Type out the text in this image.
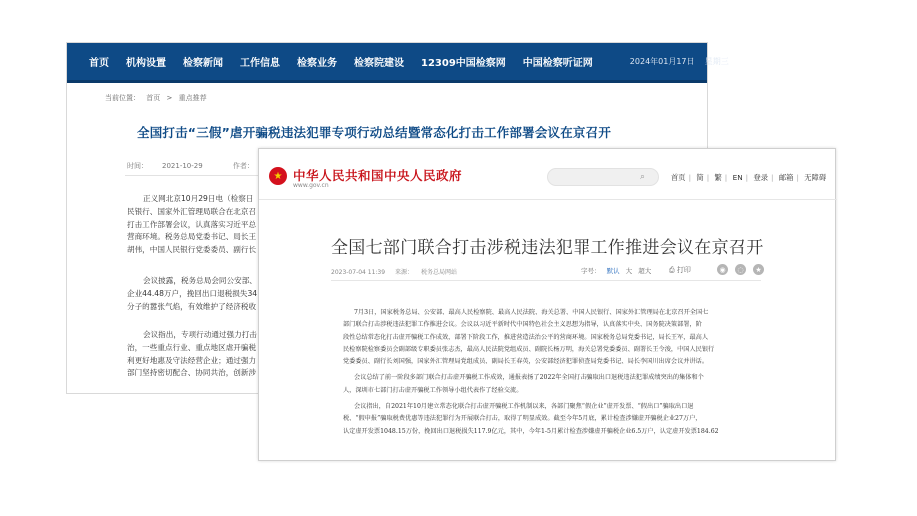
首页 机构设置 检察新闻 工作信息 检察业务 检察院建设 12309中国检察网 中国检察听证网	2024年01月17日 星期三
当前位置： 首页 > 重点推荐
全国打击“三假”虐开骗税违法犯罪专项行动总结暨常态化打击工作部署会议在京召开
时间： 2021-10-29	作者：
正义网北京10月29日电（检察日
民银行、国家外汇管理局联合在北京召
打击工作部署会议，认真落实习近平总
营商环境。税务总局党委书记、局长王
胡伟，中国人民银行党委委员、副行长
会议披露，税务总局会同公安部、
企业44.48万户，挽回出口退税损失34
分子的嚣张气焰，有效维护了经济税收
会议指出，专项行动通过强力打击
治，一些重点行业、重点地区虐开骗税
利更好地惠及守法经营企业；通过强力
部门坚持密切配合、协同共治，创新涉
★ 中华人民共和国中央人民政府
www.gov.cn
⌕	首页 | 简 | 繁 | EN | 登录 | 邮箱 | 无障碍
全国七部门联合打击涉税违法犯罪工作推进会议在京召开
2023-07-04 11:39 来源： 税务总局网站	字号： 默认 大 超大	⎙ 打印	◉	◌	★
7月3日，国家税务总局、公安部、最高人民检察院、最高人民法院、海关总署、中国人民银行、国家外汇管理局在北京召开全国七
部门联合打击涉税违法犯罪工作推进会议。会议以习近平新时代中国特色社会主义思想为指导，认真落实中央、国务院决策部署，阶
段性总结常态化打击虚开骗税工作成效，部署下阶段工作，推进营造法治公平的营商环境。国家税务总局党委书记，局长王军，最高人
民检察院检察委员会副部级专职委员张志杰，最高人民法院党组成员、副院长杨万明，海关总署党委委员、副署长王令浚，中国人民银行
党委委员、副行长刘国强，国家外汇管理局党组成员、副局长王春英，公安部经济犯罪侦查局党委书记、局长李国川出席会议并讲话。
会议总结了前一阶段多部门联合打击虚开骗税工作成效，通报表扬了2022年全国打击骗取出口退税违法犯罪成绩突出的集体和个
人，深圳市七部门打击虚开骗税工作领导小组代表作了经验交流。
会议指出，自2021年10月建立常态化联合打击虚开骗税工作机制以来，各部门聚焦“假企业”虚开发票、“假出口”骗取出口退
税、“假申报”骗取税费优惠等违法犯罪行为开展联合打击，取得了明显成效。截至今年5月底，累计检查涉嫌虚开骗税企业27万户，
认定虚开发票1048.15万份，挽回出口退税损失117.9亿元，其中，今年1-5月累计检查涉嫌虚开骗税企业6.5万户，认定虚开发票184.62
